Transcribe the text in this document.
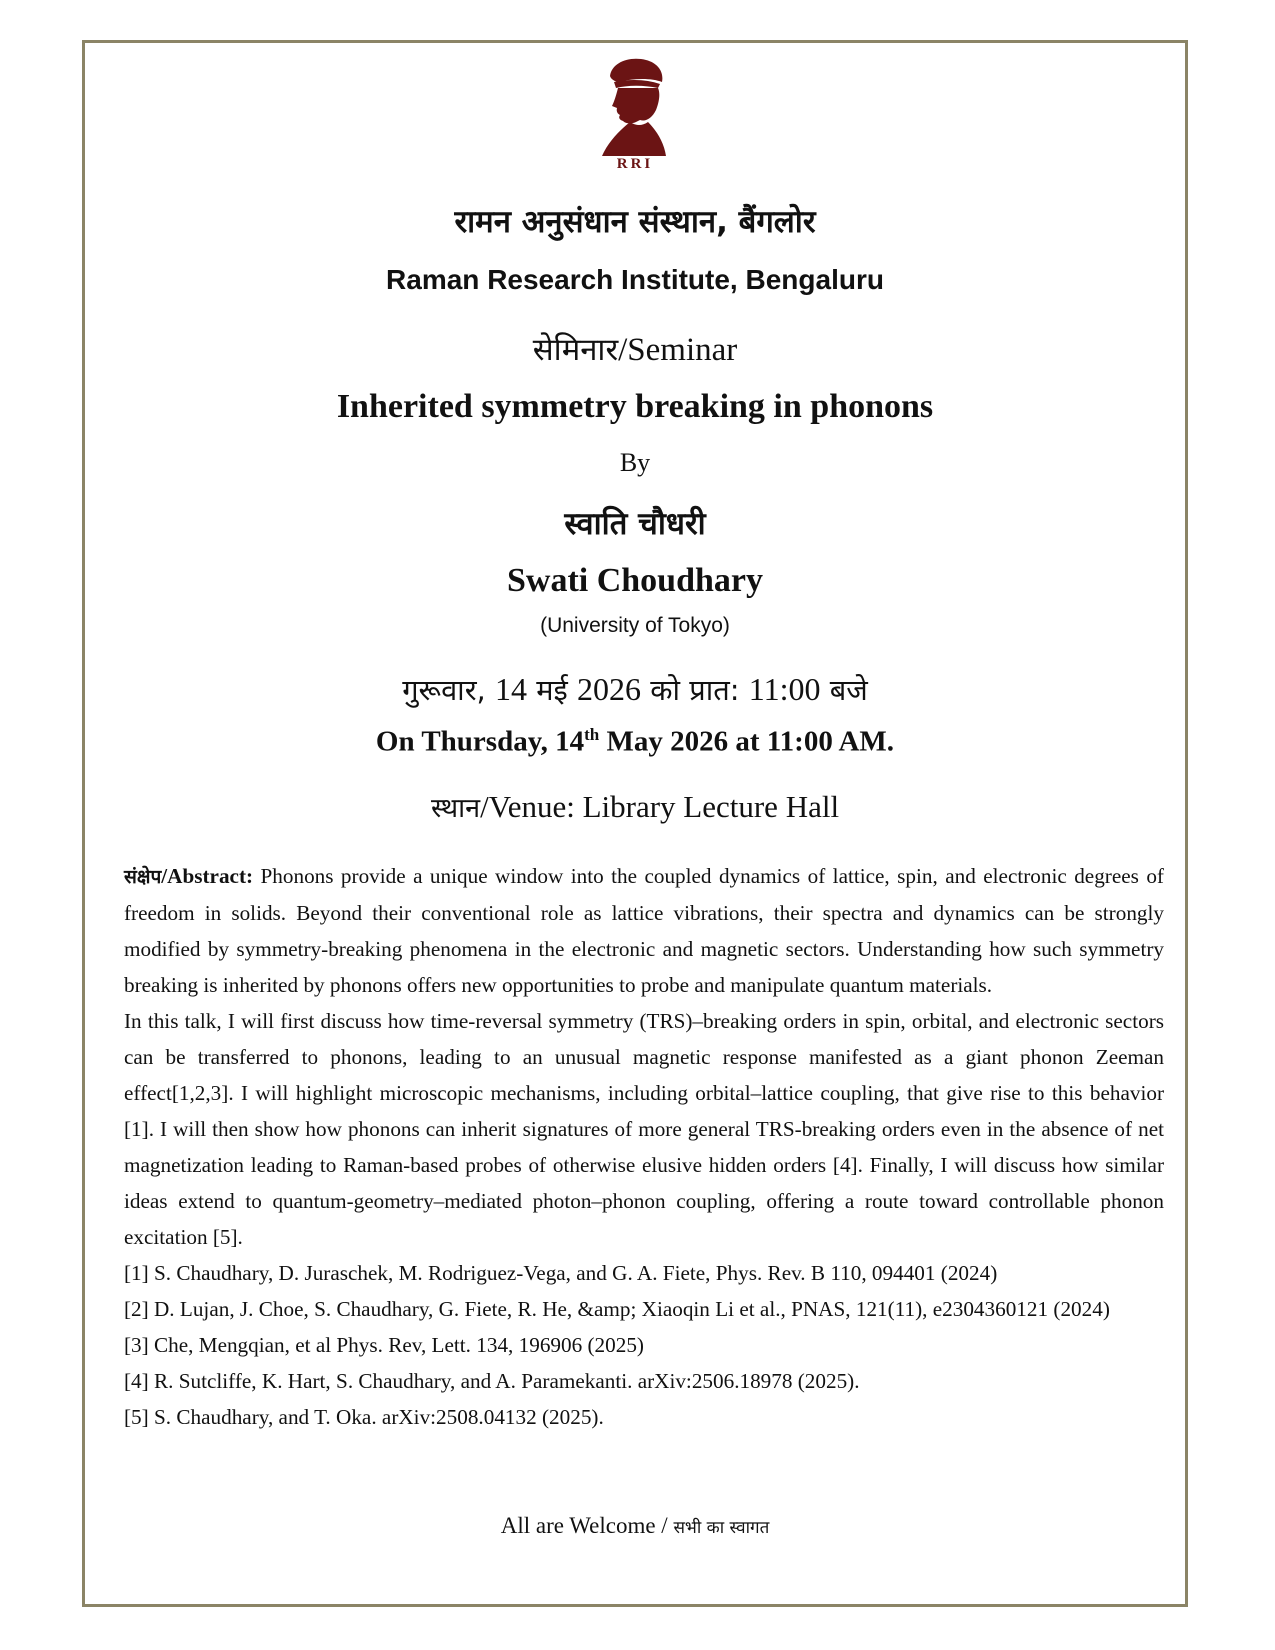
RRI
रामन अनुसंधान संस्थान, बैंगलोर
Raman Research Institute, Bengaluru
सेमिनार/Seminar
Inherited symmetry breaking in phonons
By
स्वाति चौधरी
Swati Choudhary
(University of Tokyo)
गुरूवार, 14 मई 2026 को प्रात: 11:00 बजे
On Thursday, 14th May 2026 at 11:00 AM.
स्थान/Venue: Library Lecture Hall

संक्षेप/Abstract: Phonons provide a unique window into the coupled dynamics of lattice, spin, and electronic degrees of freedom in solids. Beyond their conventional role as lattice vibrations, their spectra and dynamics can be strongly modified by symmetry-breaking phenomena in the electronic and magnetic sectors. Understanding how such symmetry breaking is inherited by phonons offers new opportunities to probe and manipulate quantum materials.

In this talk, I will first discuss how time-reversal symmetry (TRS)–breaking orders in spin, orbital, and electronic sectors can be transferred to phonons, leading to an unusual magnetic response manifested as a giant phonon Zeeman effect[1,2,3]. I will highlight microscopic mechanisms, including orbital–lattice coupling, that give rise to this behavior [1]. I will then show how phonons can inherit signatures of more general TRS-breaking orders even in the absence of net magnetization leading to Raman-based probes of otherwise elusive hidden orders [4]. Finally, I will discuss how similar ideas extend to quantum-geometry–mediated photon–phonon coupling, offering a route toward controllable phonon excitation [5].

[1] S. Chaudhary, D. Juraschek, M. Rodriguez-Vega, and G. A. Fiete, Phys. Rev. B 110, 094401 (2024)
[2] D. Lujan, J. Choe, S. Chaudhary, G. Fiete, R. He, &amp; Xiaoqin Li et al., PNAS, 121(11), e2304360121 (2024)
[3] Che, Mengqian, et al Phys. Rev, Lett. 134, 196906 (2025)
[4] R. Sutcliffe, K. Hart, S. Chaudhary, and A. Paramekanti. arXiv:2506.18978 (2025).
[5] S. Chaudhary, and T. Oka. arXiv:2508.04132 (2025).
All are Welcome / सभी का स्वागत
